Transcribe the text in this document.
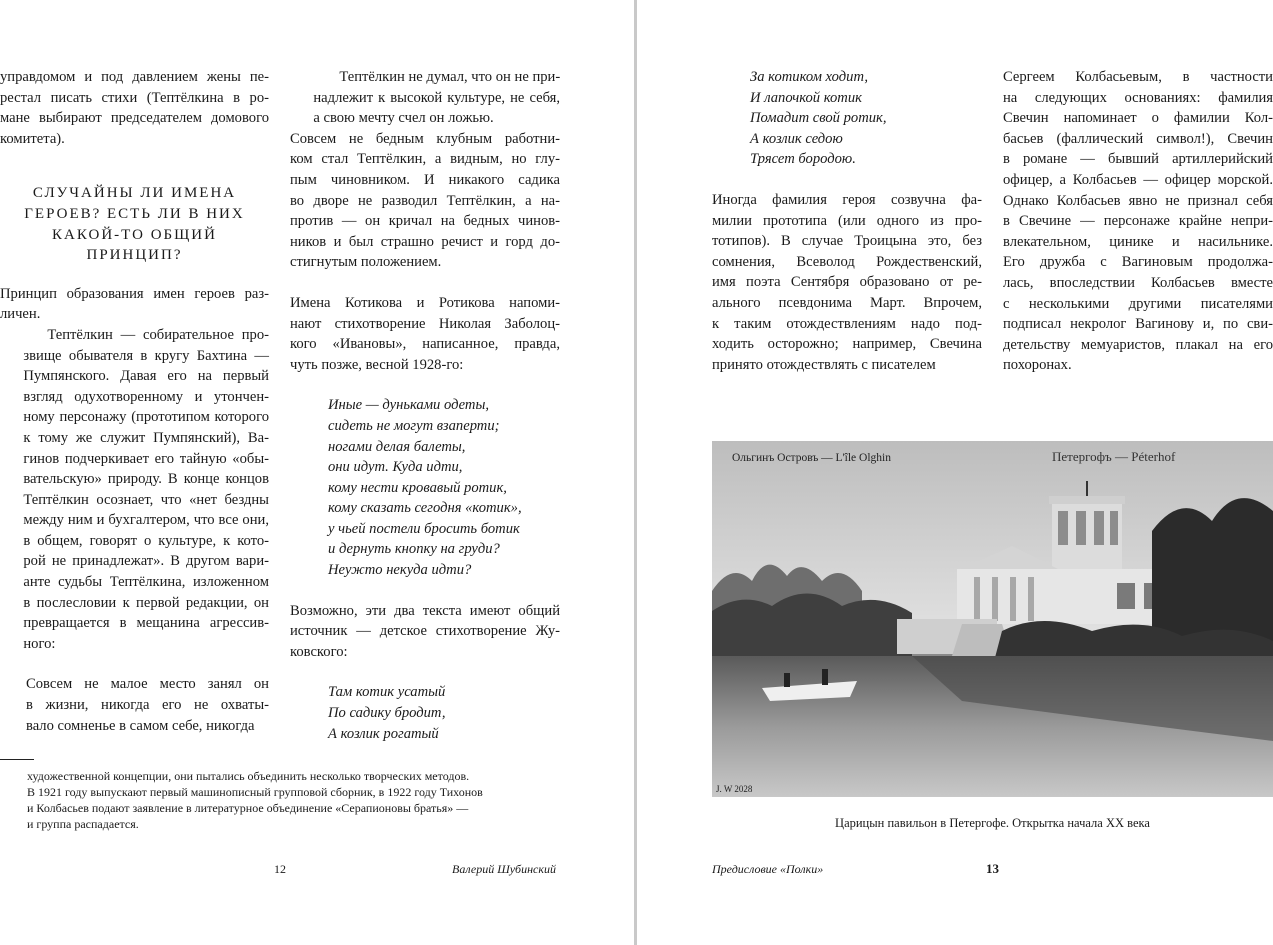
упрaвдомом и под давлением жены пе-
рестал писать стихи (Тептёлкина в ро-
мане выбирают председателем домового
комитета).

СЛУЧАЙНЫ ЛИ ИМЕНА
ГЕРОЕВ? ЕСТЬ ЛИ В НИХ
КАКОЙ-ТО ОБЩИЙ
ПРИНЦИП?

Принцип образования имен героев раз-
личен.

Тептёлкин — собирательное про-
звище обывателя в кругу Бахтина —
Пумпянского. Давая его на первый
взгляд одухотворенному и утончен-
ному персонажу (прототипом которого
к тому же служит Пумпянский), Ва-
гинов подчеркивает его тайную «oбы-
вательскую» природу. В конце концов
Тептёлкин осознает, что «нет бездны
между ним и бухгалтером, что все они,
в общем, говорят о культуре, к кото-
рой не принадлежат». В другом вари-
анте судьбы Тептёлкина, изложенном
в послесловии к первой редакции, он
превращается в мещанина агрессив-
ного:

Совсем не малое место занял он
в жизни, никогда его не охваты-
вало сомненье в самом себе, никогда

Тептёлкин не думал, что он не при-
надлежит к высокой культуре, не себя,
а свою мечту счел он ложью.

Совсем не бедным клубным работни-
ком стал Тептёлкин, а видным, но глу-
пым чиновником. И никакого садика
во дворе не разводил Тептёлкин, а на-
против — он кричал на бедных чинов-
ников и был страшно речист и горд до-
стигнутым положением.

Имена Котикова и Ротикова напоми-
нают стихотворение Николая Заболоц-
кого «Ивановы», написанное, правда,
чуть позже, весной 1928-го:

Иные — дуньками одеты,
сидеть не могут взаперти;
ногами делая балеты,
они идут. Куда идти,
кому нести кровавый ротик,
кому сказать сегодня «котик»,
у чьей постели бросить ботик
и дернуть кнопку на груди?
Неужто некуда идти?

Возможно, эти два текста имеют общий
источник — детское стихотворение Жу-
ковского:

Там котик усатый
По садику бродит,
А козлик рогатый
художественной концепции, они пытались объединить несколько творческих методов.
В 1921 году выпускают первый машинописный групповой сборник, в 1922 году Тихонов
и Колбасьев подают заявление в литературное объединение «Серапионовы братья» —
и группа распадается.
12	Валерий Шубинский
За котиком ходит,
И лапочкой котик
Помадит свой ротик,
А козлик седою
Трясет бородою.

Иногда фамилия героя созвучна фа-
милии прототипа (или одного из про-
тотипов). В случае Троицына это, без
сомнения, Всеволод Рождественский,
имя поэта Сентября образовано от ре-
ального псевдонима Март. Впрочем,
к таким отождествлениям надо под-
ходить осторожно; например, Свечина
принято отождествлять с писателем

Сергеем Колбасьевым, в частности
на следующих основаниях: фамилия
Свечин напоминает о фамилии Кол-
басьев (фаллический символ!), Свечин
в романе — бывший артиллерийский
офицер, а Колбасьев — офицер морской.
Однако Колбасьев явно не признал себя
в Свечине — персонаже крайне непри-
влекательном, цинике и насильнике.
Его дружба с Вагиновым продолжа-
лась, впоследствии Колбасьев вместе
с несколькими другими писателями
подписал некролог Вагинову и, по сви-
детельству мемуаристов, плакал на его
похоронах.

Предисловие «Полки»	13
Ольгинъ Островъ — L'île Olghin	Петергофъ — Péterhof
J. W 2028
Царицын павильон в Петергофе. Открытка начала XX века
